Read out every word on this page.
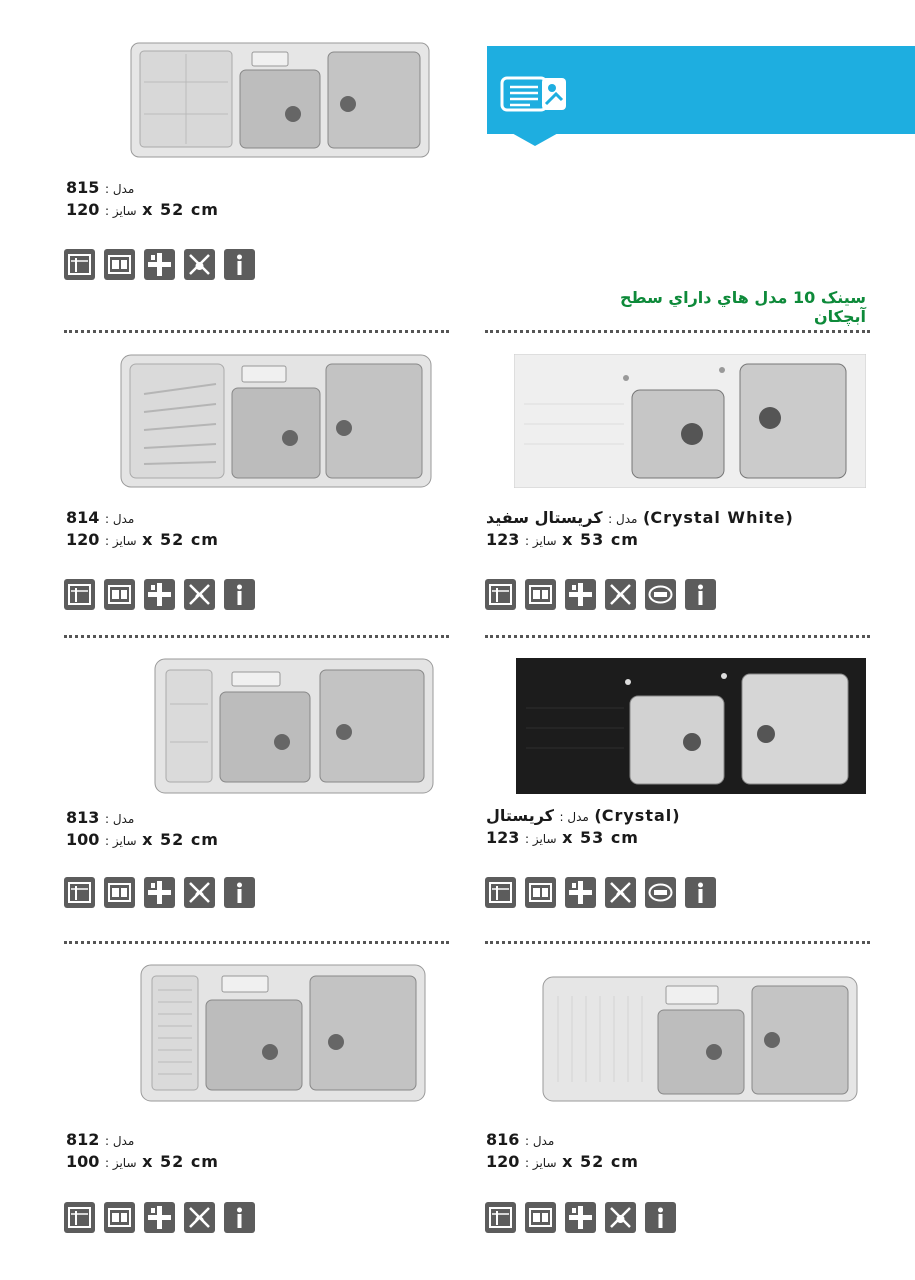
سینک 10 مدل هاي داراي سطح آبچکان
مدل : 815
سایز : 120 x 52 cm
مدل : 814
سایز : 120 x 52 cm
مدل : کریستال سفید (Crystal White)
سایز : 123 x 53 cm
مدل : 813
سایز : 100 x 52 cm
مدل : کریستال (Crystal)
سایز : 123 x 53 cm
مدل : 812
سایز : 100 x 52 cm
مدل : 816
سایز : 120 x 52 cm
